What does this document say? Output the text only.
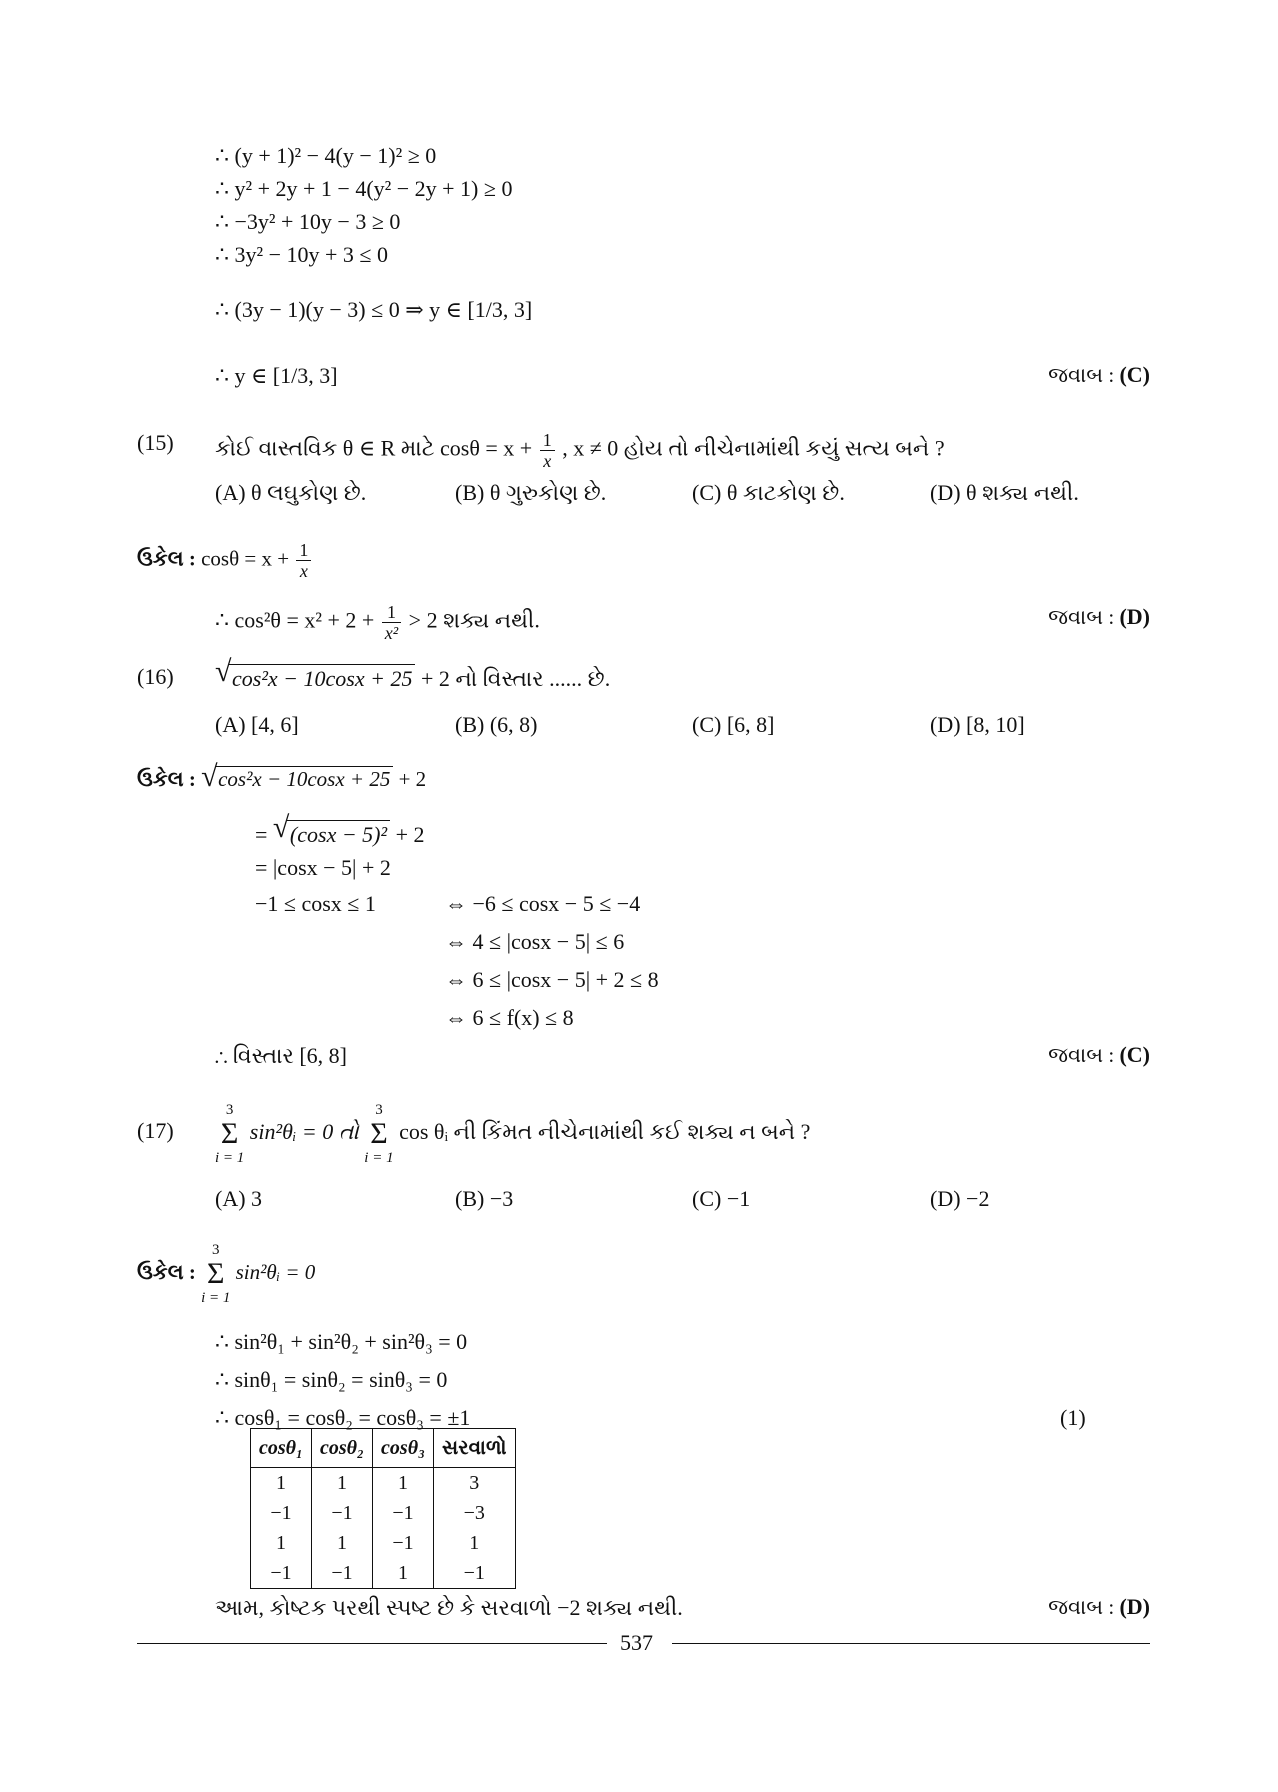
∴ (y + 1)² − 4(y − 1)² ≥ 0
∴ y² + 2y + 1 − 4(y² − 2y + 1) ≥ 0
∴ −3y² + 10y − 3 ≥ 0
∴ 3y² − 10y + 3 ≤ 0
∴ (3y − 1)(y − 3) ≤ 0 ⇒ y ∈ [1/3, 3]
∴ y ∈ [1/3, 3]	જવાબ : (C)
(15) કોઈ વાસ્તવિક θ ∈ R માટે $\cos\theta = x + \frac{1}{x}$ , x ≠ 0 હોય તો નીચેનામાંથી કયું સત્ય બને ?
(A) θ લઘુકોણ છે.	(B) θ ગુરુકોણ છે.	(C) θ કાટકોણ છે.	(D) θ શક્ય નથી.
ઉકેલ : $\cos\theta = x + \frac{1}{x}$
∴ $\cos^2\theta = x^2 + 2 + \frac{1}{\text{x²}} > 2$ શક્ય નથી.	જવાબ : (D)
(16) √ cos²x − 10cosx + 25 + 2 નો વિસ્તાર ...... છે.
(A) [4, 6]	(B) (6, 8)	(C) [6, 8]	(D) [8, 10]
ઉકેલ : √ cos²x − 10cosx + 25 + 2
= √ (cosx − 5)² + 2
= |cosx − 5| + 2
−1 ≤ cosx ≤ 1	⇔ −6 ≤ cosx − 5 ≤ −4
⇔ 4 ≤ |cosx − 5| ≤ 6
⇔ 6 ≤ |cosx − 5| + 2 ≤ 8
⇔ 6 ≤ f(x) ≤ 8
∴ વિસ્તાર [6, 8]	જવાબ : (C)
(17)
3
Σ
i = 1
sin²θᵢ = 0 તો
3
Σ
i = 1
cos θᵢ ની કિંમત નીચેનામાંથી કઈ શક્ય ન બને ?
(A) 3	(B) −3	(C) −1	(D) −2
ઉકેલ :
3
Σ
i = 1
sin²θᵢ = 0
∴ sin²θ₁ + sin²θ₂ + sin²θ₃ = 0
∴ sinθ₁ = sinθ₂ = sinθ₃ = 0
∴ cosθ₁ = cosθ₂ = cosθ₃ = ±1	(1)
cosθ₁	cosθ₂	cosθ₃	સરવાળો
1	1	1	3
−1	−1	−1	−3
1	1	−1	1
−1	−1	1	−1
આમ, કોષ્ટક પરથી સ્પષ્ટ છે કે સરવાળો −2 શક્ય નથી.	જવાબ : (D)
537
